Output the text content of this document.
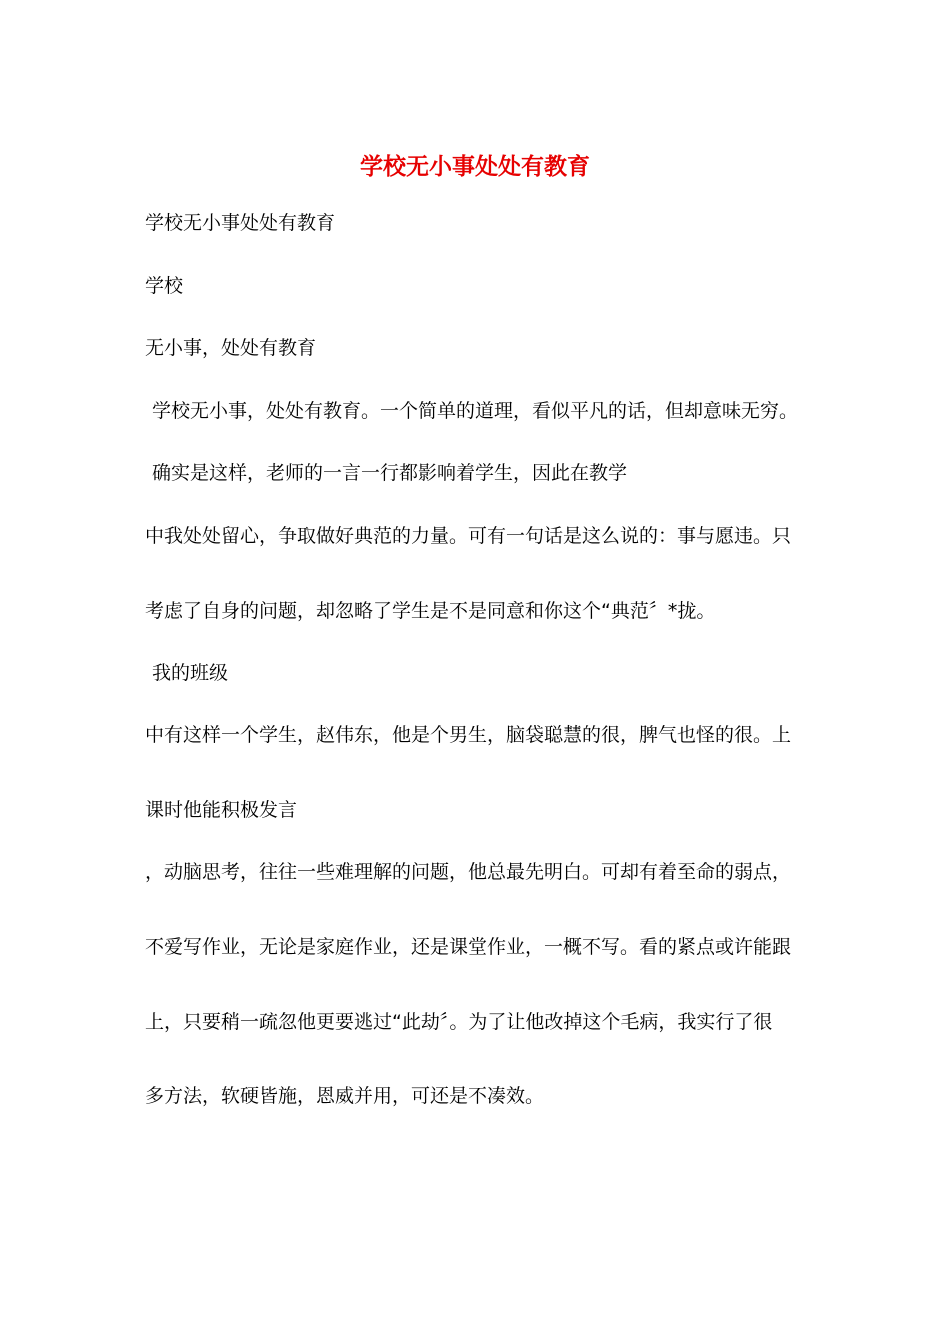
学校无小事处处有教育
学校无小事处处有教育
学校
无小事，处处有教育
学校无小事，处处有教育。一个简单的道理，看似平凡的话，但却意味无穷。
确实是这样，老师的一言一行都影响着学生，因此在教学
中我处处留心，争取做好典范的力量。可有一句话是这么说的：事与愿违。只
考虑了自身的问题，却忽略了学生是不是同意和你这个“典范〞*拢。
我的班级
中有这样一个学生，赵伟东，他是个男生，脑袋聪慧的很，脾气也怪的很。上
课时他能积极发言
，动脑思考，往往一些难理解的问题，他总最先明白。可却有着至命的弱点，
不爱写作业，无论是家庭作业，还是课堂作业，一概不写。看的紧点或许能跟
上，只要稍一疏忽他更要逃过“此劫〞。为了让他改掉这个毛病，我实行了很
多方法，软硬皆施，恩威并用，可还是不凑效。
